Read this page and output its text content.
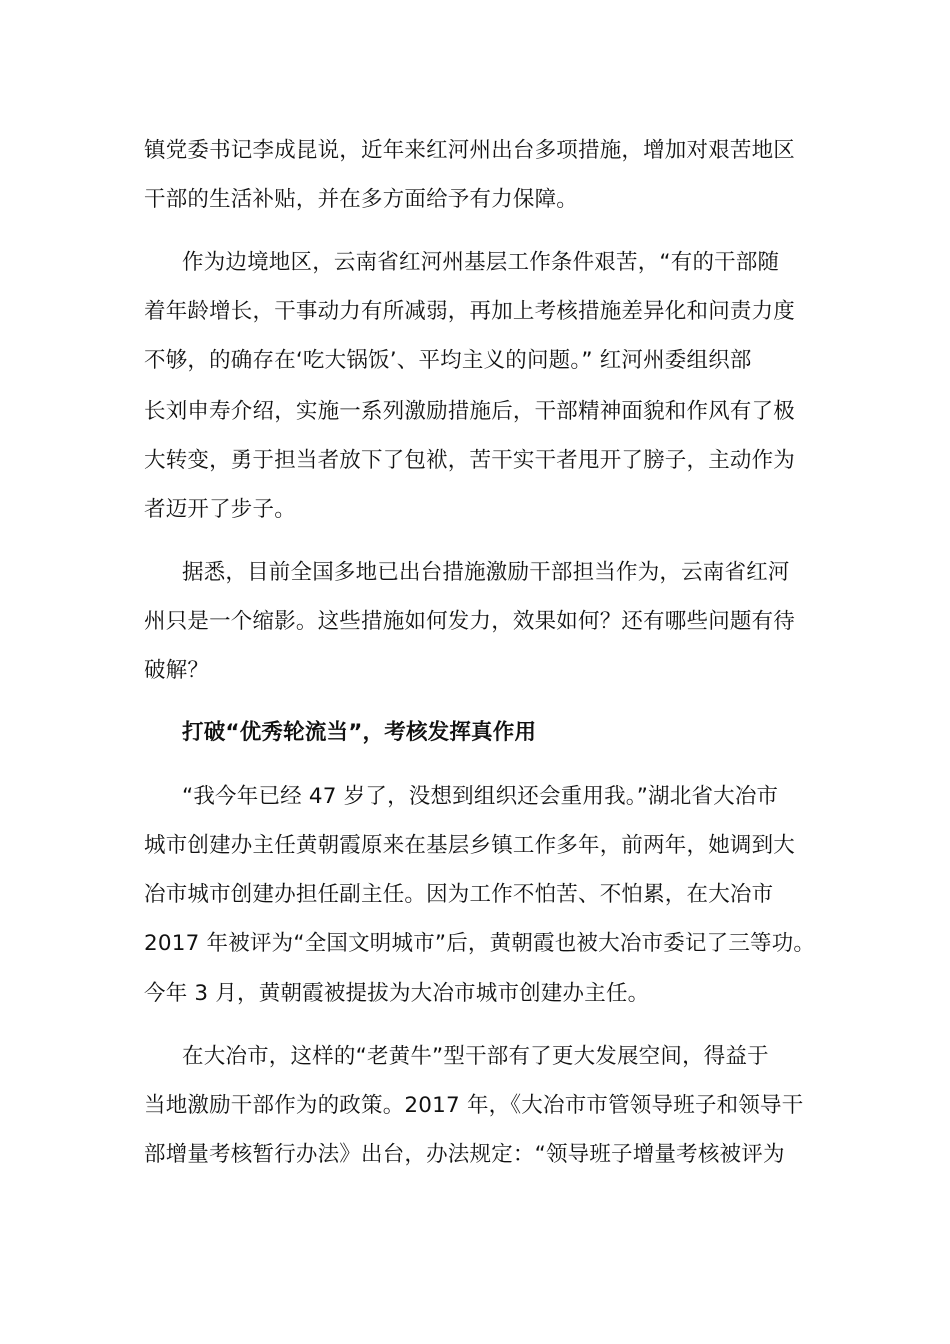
镇党委书记李成昆说，近年来红河州出台多项措施，增加对艰苦地区
干部的生活补贴，并在多方面给予有力保障。
作为边境地区，云南省红河州基层工作条件艰苦，“有的干部随
着年龄增长，干事动力有所减弱，再加上考核措施差异化和问责力度
不够，的确存在‘吃大锅饭’、平均主义的问题。” 红河州委组织部
长刘申寿介绍，实施一系列激励措施后，干部精神面貌和作风有了极
大转变，勇于担当者放下了包袱，苦干实干者甩开了膀子，主动作为
者迈开了步子。
据悉，目前全国多地已出台措施激励干部担当作为，云南省红河
州只是一个缩影。这些措施如何发力，效果如何？还有哪些问题有待
破解？
打破“优秀轮流当”，考核发挥真作用
“我今年已经 47 岁了，没想到组织还会重用我。”湖北省大冶市
城市创建办主任黄朝霞原来在基层乡镇工作多年，前两年，她调到大
冶市城市创建办担任副主任。因为工作不怕苦、不怕累，在大冶市
2017 年被评为“全国文明城市”后，黄朝霞也被大冶市委记了三等功。
今年 3 月，黄朝霞被提拔为大冶市城市创建办主任。
在大冶市，这样的“老黄牛”型干部有了更大发展空间，得益于
当地激励干部作为的政策。2017 年，《大冶市市管领导班子和领导干
部增量考核暂行办法》出台，办法规定：“领导班子增量考核被评为
